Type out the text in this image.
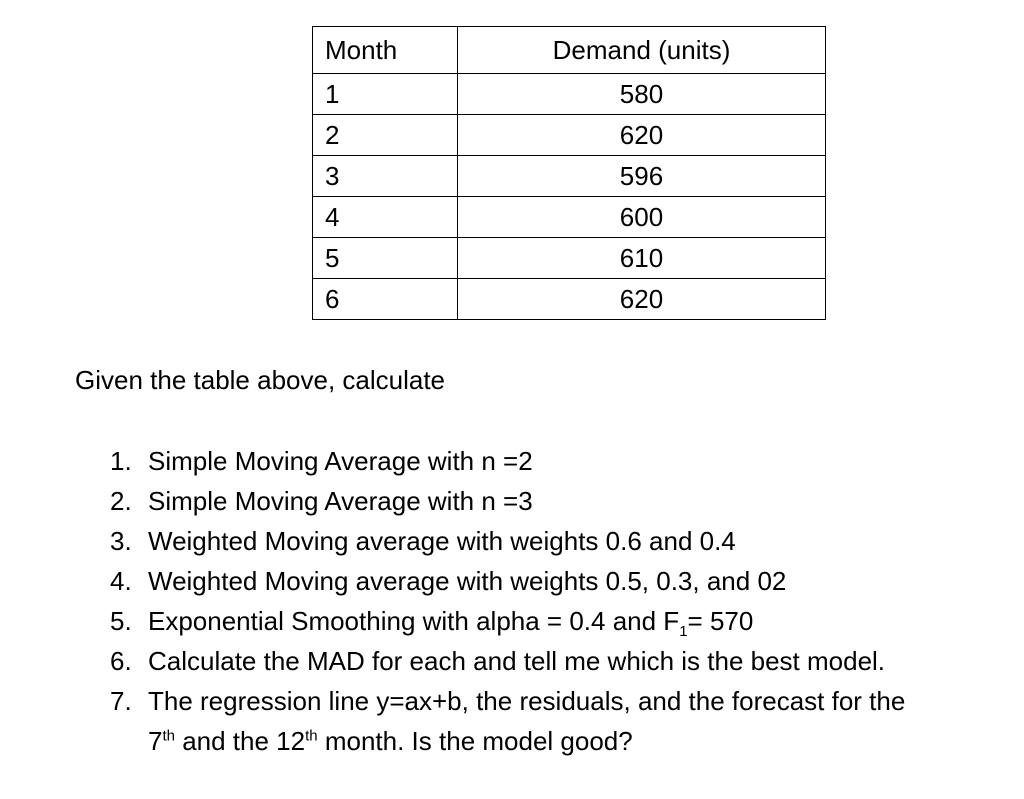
Month	Demand (units)
1	580
2	620
3	596
4	600
5	610
6	620

Given the table above, calculate

1. Simple Moving Average with n =2
2. Simple Moving Average with n =3
3. Weighted Moving average with weights 0.6 and 0.4
4. Weighted Moving average with weights 0.5, 0.3, and 02
5. Exponential Smoothing with alpha = 0.4 and $F_1= 570$
6. Calculate the MAD for each and tell me which is the best model.
7. The regression line y=ax+b, the residuals, and the forecast for the
7th and the 12th month. Is the model good?
